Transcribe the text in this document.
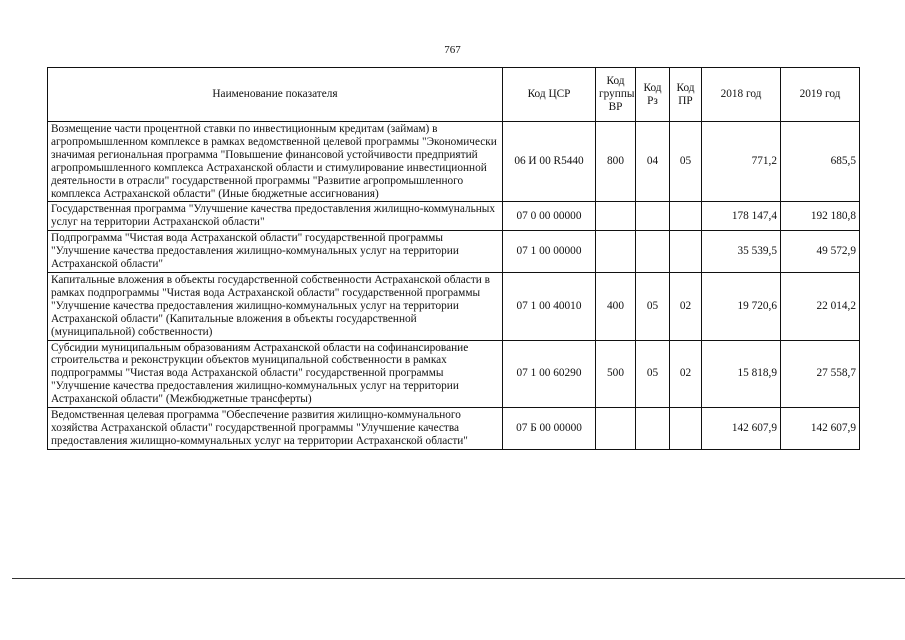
767
Наименование показателя	Код ЦСР	Код группы ВР	Код Рз	Код ПР	2018 год	2019 год
Возмещение части процентной ставки по инвестиционным кредитам (займам) в агропромышленном комплексе в рамках ведомственной целевой программы "Экономически значимая региональная программа "Повышение финансовой устойчивости предприятий агропромышленного комплекса Астраханской области и стимулирование инвестиционной деятельности в отрасли" государственной программы "Развитие агропромышленного комплекса Астраханской области" (Иные бюджетные ассигнования)	06 И 00 R5440	800	04	05	771,2	685,5
Государственная программа "Улучшение качества предоставления жилищно-коммунальных услуг на территории Астраханской области"	07 0 00 00000				178 147,4	192 180,8
Подпрограмма "Чистая вода Астраханской области" государственной программы "Улучшение качества предоставления жилищно-коммунальных услуг на территории Астраханской области"	07 1 00 00000				35 539,5	49 572,9
Капитальные вложения в объекты государственной собственности Астраханской области в рамках подпрограммы "Чистая вода Астраханской области" государственной программы "Улучшение качества предоставления жилищно-коммунальных услуг на территории Астраханской области" (Капитальные вложения в объекты государственной (муниципальной) собственности)	07 1 00 40010	400	05	02	19 720,6	22 014,2
Субсидии муниципальным образованиям Астраханской области на софинансирование строительства и реконструкции объектов муниципальной собственности в рамках подпрограммы "Чистая вода Астраханской области" государственной программы "Улучшение качества предоставления жилищно-коммунальных услуг на территории Астраханской области" (Межбюджетные трансферты)	07 1 00 60290	500	05	02	15 818,9	27 558,7
Ведомственная целевая программа "Обеспечение развития жилищно-коммунального хозяйства Астраханской области" государственной программы "Улучшение качества предоставления жилищно-коммунальных услуг на территории Астраханской области"	07 Б 00 00000				142 607,9	142 607,9
